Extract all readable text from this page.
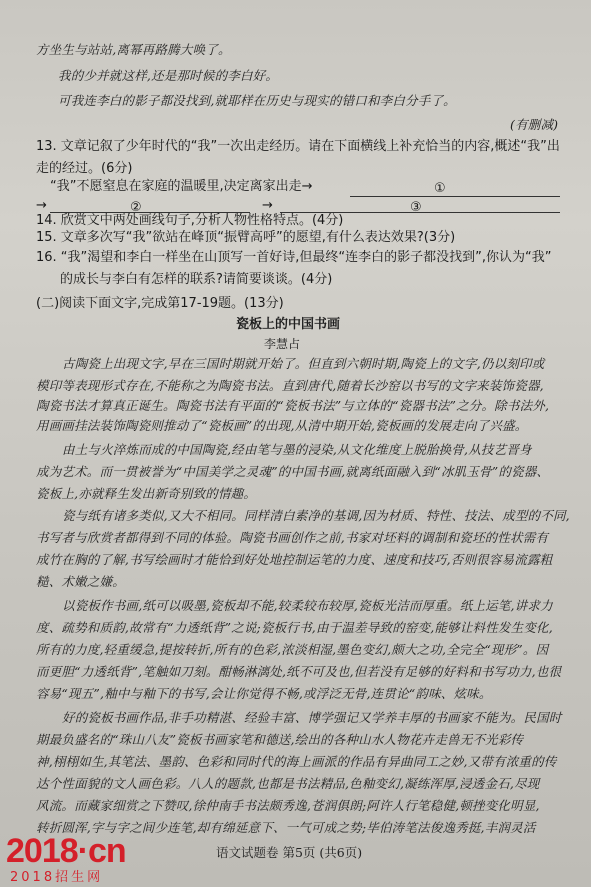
方坐生与站站,离幂再路腾大唤了。
我的少并就这样,还是那时候的李白好。
可我连李白的影子都没找到,就耶样在历史与现实的错口和李白分手了。
(有删减)
13. 文章记叙了少年时代的“我”一次出走经历。请在下面横线上补充恰当的内容,概述“我”出
走的经过。(6分)
“我”不愿窒息在家庭的温暖里,决定离家出走→	①
→	②	→	③
14. 欣赏文中两处画线句子,分析人物性格特点。(4分)
15. 文章多次写“我”欲站在峰顶“振臂高呼”的愿望,有什么表达效果?(3分)
16. “我”渴望和李白一样坐在山顶写一首好诗,但最终“连李白的影子都没找到”,你认为“我”
的成长与李白有怎样的联系?请简要谈谈。(4分)
(二)阅读下面文字,完成第17-19题。(13分)
瓷板上的中国书画
李慧占
古陶瓷上出现文字,早在三国时期就开始了。但直到六朝时期,陶瓷上的文字,仍以刻印或
模印等表现形式存在,不能称之为陶瓷书法。直到唐代,随着长沙窑以书写的文字来装饰瓷器,
陶瓷书法才算真正诞生。陶瓷书法有平面的“瓷板书法”与立体的“瓷器书法”之分。除书法外,
用画画挂法装饰陶瓷则推动了“瓷板画”的出现,从清中期开始,瓷板画的发展走向了兴盛。
由土与火淬炼而成的中国陶瓷,经由笔与墨的浸染,从文化维度上脱胎换骨,从技艺晋身
成为艺术。而一贯被誉为“中国美学之灵魂”的中国书画,就离纸面融入到“冰肌玉骨”的瓷器、
瓷板上,亦就释生发出新奇别致的情趣。
瓷与纸有诸多类似,又大不相同。同样清白素净的基调,因为材质、特性、技法、成型的不同,
书写者与欣赏者都得到不同的体验。陶瓷书画创作之前,书家对坯料的调制和瓷坯的性状需有
成竹在胸的了解,书写绘画时才能恰到好处地控制运笔的力度、速度和技巧,否则很容易流露粗
糙、术嫩之嫌。
以瓷板作书画,纸可以吸墨,瓷板却不能,较柔较布较厚,瓷板光洁而厚重。纸上运笔,讲求力
度、疏势和质韵,故常有“力透纸背”之说;瓷板行书,由于温差导致的窑变,能够让料性发生变化,
所有的力度,轻重缓急,提按转折,所有的色彩,浓淡相湿,墨色变幻,颇大之功,全完全“现形”。因
而更胆“力透纸背”,笔触如刀刻。酣畅淋漓处,纸不可及也,但若没有足够的好料和书写功力,也很
容易“现五”,釉中与釉下的书写,会让你觉得不畅,或浮泛无骨,连贯论“韵味、炫味。
好的瓷板书画作品,非手功精湛、经验丰富、博学强记又学养丰厚的书画家不能为。民国时
期最负盛名的“珠山八友”瓷板书画家笔和德送,绘出的各种山水人物花卉走兽无不光彩传
神,栩栩如生,其笔法、墨韵、色彩和同时代的海上画派的作品有异曲同工之妙,又带有浓重的传
达个性面貌的文人画色彩。八人的题款,也都是书法精品,色釉变幻,凝练浑厚,浸透金石,尽现
风流。而藏家细赏之下赞叹,徐仲南手书法颇秀逸,苍润俱朗;阿许人行笔稳健,顿挫变化明显,
转折圆浑,字与字之间少连笔,却有绵延意下、一气可成之势;毕伯涛笔法俊逸秀挺,丰润灵活
语文试题卷 第5页 (共6页)
2018·cn
2018招生网
